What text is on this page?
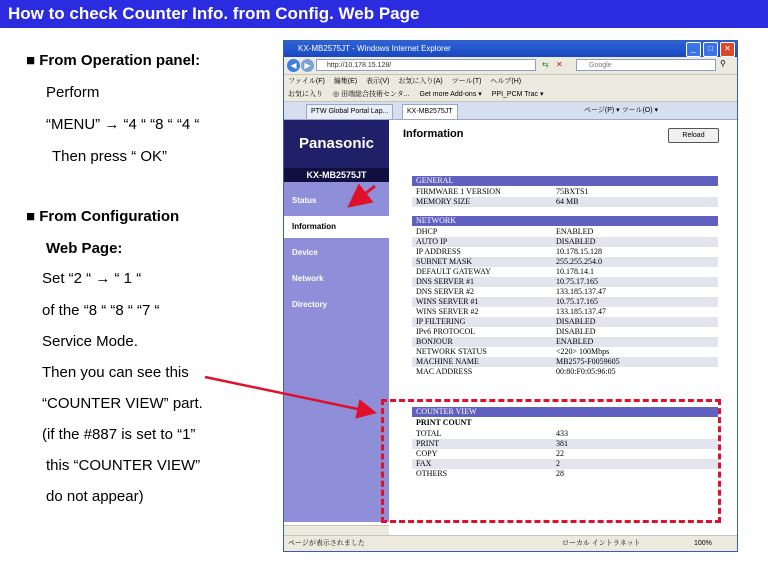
How to check Counter Info. from Config. Web Page
■ From Operation panel:
Perform
“MENU” → “4 “ “8 “ “4 “
Then press “ OK”
■ From Configuration
Web Page:
Set “2 “ → “ 1 “
of the “8 “ “8 “ “7 “
Service Mode.
Then you can see this
“COUNTER VIEW” part.
(if the #887 is set to “1”
this “COUNTER VIEW”
do not appear)
KX-MB2575JT - Windows Internet Explorer	_	□	✕
◀ ▶	http://10.178.15.128/	⇆ ✕	Google	⚲
ファイル(F) 編集(E) 表示(V) お気に入り(A) ツール(T) ヘルプ(H)
お気に入り ◎ 田端総合技術センタ... Get more Add-ons ▾ PPI_PCM Trac ▾
PTW Global Portal Lap...	KX-MB2575JT	ページ(P) ▾ ツール(O) ▾
Panasonic
KX-MB2575JT
Status
Information
Device
Network
Directory
Information	Reload
GENERAL
FIRMWARE 1 VERSION	75BXTS1
MEMORY SIZE	64 MB
NETWORK
DHCP	ENABLED
AUTO IP	DISABLED
IP ADDRESS	10.178.15.128
SUBNET MASK	255.255.254.0
DEFAULT GATEWAY	10.178.14.1
DNS SERVER #1	10.75.17.165
DNS SERVER #2	133.185.137.47
WINS SERVER #1	10.75.17.165
WINS SERVER #2	133.185.137.47
IP FILTERING	DISABLED
IPv6 PROTOCOL	DISABLED
BONJOUR	ENABLED
NETWORK STATUS	<220> 100Mbps
MACHINE NAME	MB2575-F0059605
MAC ADDRESS	00:80:F0:05:96:05
COUNTER VIEW
PRINT COUNT
TOTAL	433
PRINT	381
COPY	22
FAX	2
OTHERS	28
ページが表示されました	ローカル イントラネット	100%
